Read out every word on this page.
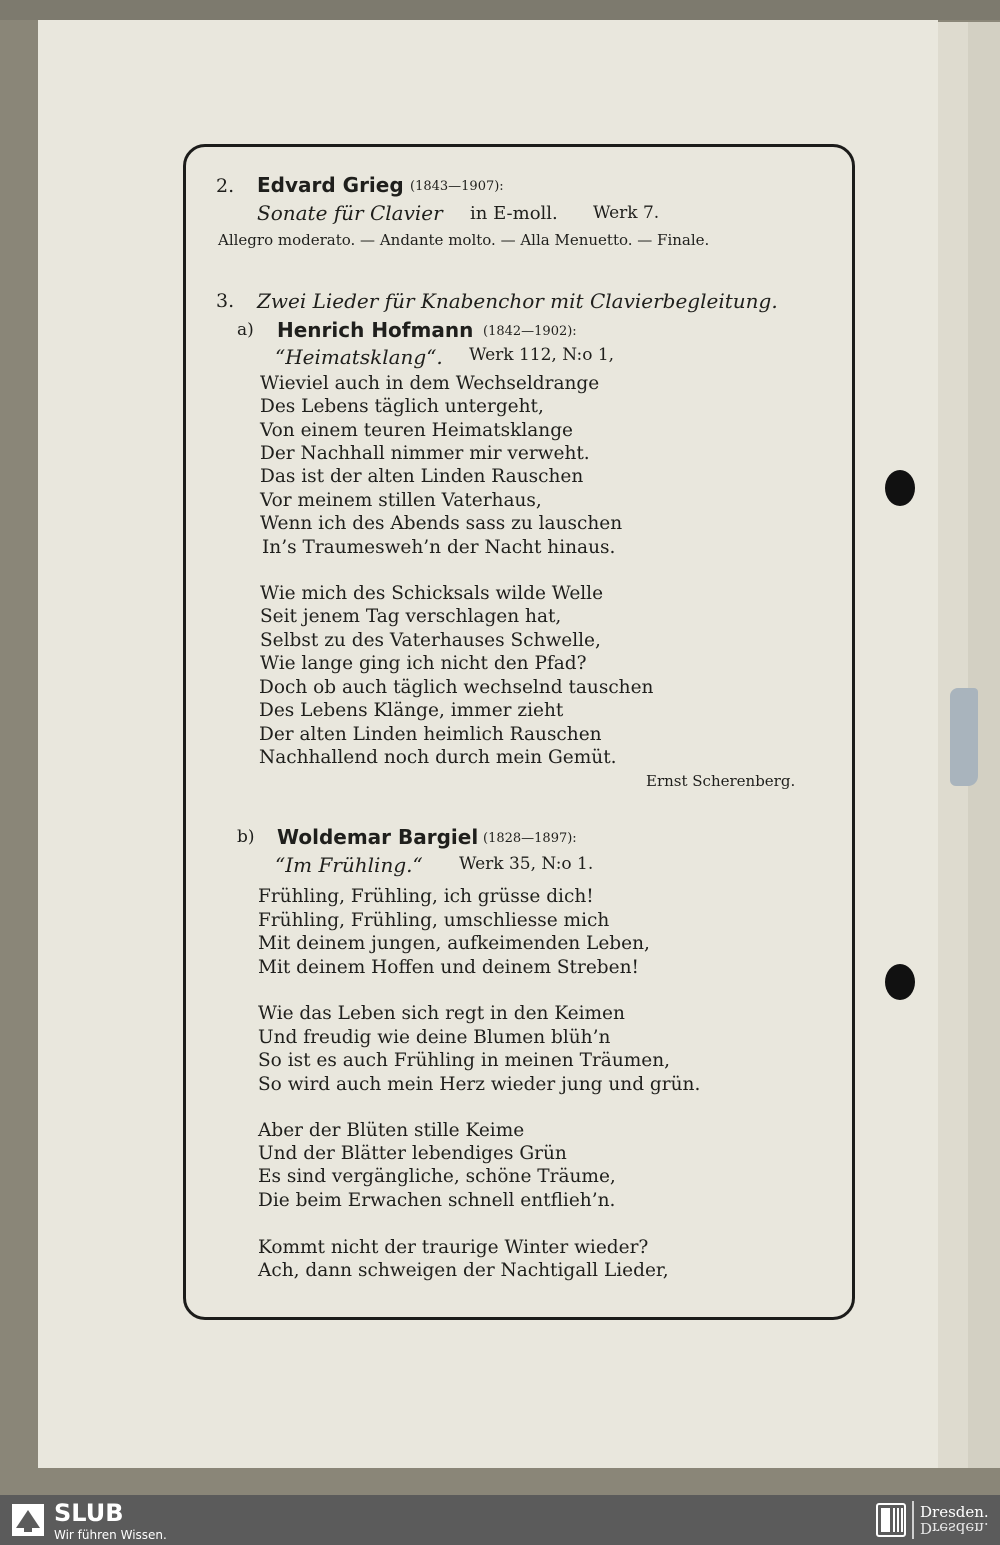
2. Edvard Grieg (1843—1907):
Sonate für Clavier in E-moll. Werk 7.
Allegro moderato. — Andante molto. — Alla Menuetto. — Finale.
3. Zwei Lieder für Knabenchor mit Clavierbegleitung.
a) Henrich Hofmann (1842—1902):
“Heimatsklang“. Werk 112, N:o 1,
Wieviel auch in dem Wechseldrange
Des Lebens täglich untergeht,
Von einem teuren Heimatsklange
Der Nachhall nimmer mir verweht.
Das ist der alten Linden Rauschen
Vor meinem stillen Vaterhaus,
Wenn ich des Abends sass zu lauschen
In’s Traumesweh’n der Nacht hinaus.
Wie mich des Schicksals wilde Welle
Seit jenem Tag verschlagen hat,
Selbst zu des Vaterhauses Schwelle,
Wie lange ging ich nicht den Pfad?
Doch ob auch täglich wechselnd tauschen
Des Lebens Klänge, immer zieht
Der alten Linden heimlich Rauschen
Nachhallend noch durch mein Gemüt.
Ernst Scherenberg.
b) Woldemar Bargiel (1828—1897):
“Im Frühling.“ Werk 35, N:o 1.
Frühling, Frühling, ich grüsse dich!
Frühling, Frühling, umschliesse mich
Mit deinem jungen, aufkeimenden Leben,
Mit deinem Hoffen und deinem Streben!
Wie das Leben sich regt in den Keimen
Und freudig wie deine Blumen blüh’n
So ist es auch Frühling in meinen Träumen,
So wird auch mein Herz wieder jung und grün.
Aber der Blüten stille Keime
Und der Blätter lebendiges Grün
Es sind vergängliche, schöne Träume,
Die beim Erwachen schnell entflieh’n.
Kommt nicht der traurige Winter wieder?
Ach, dann schweigen der Nachtigall Lieder,
SLUB
Wir führen Wissen.
Dresden.
Dresden.
